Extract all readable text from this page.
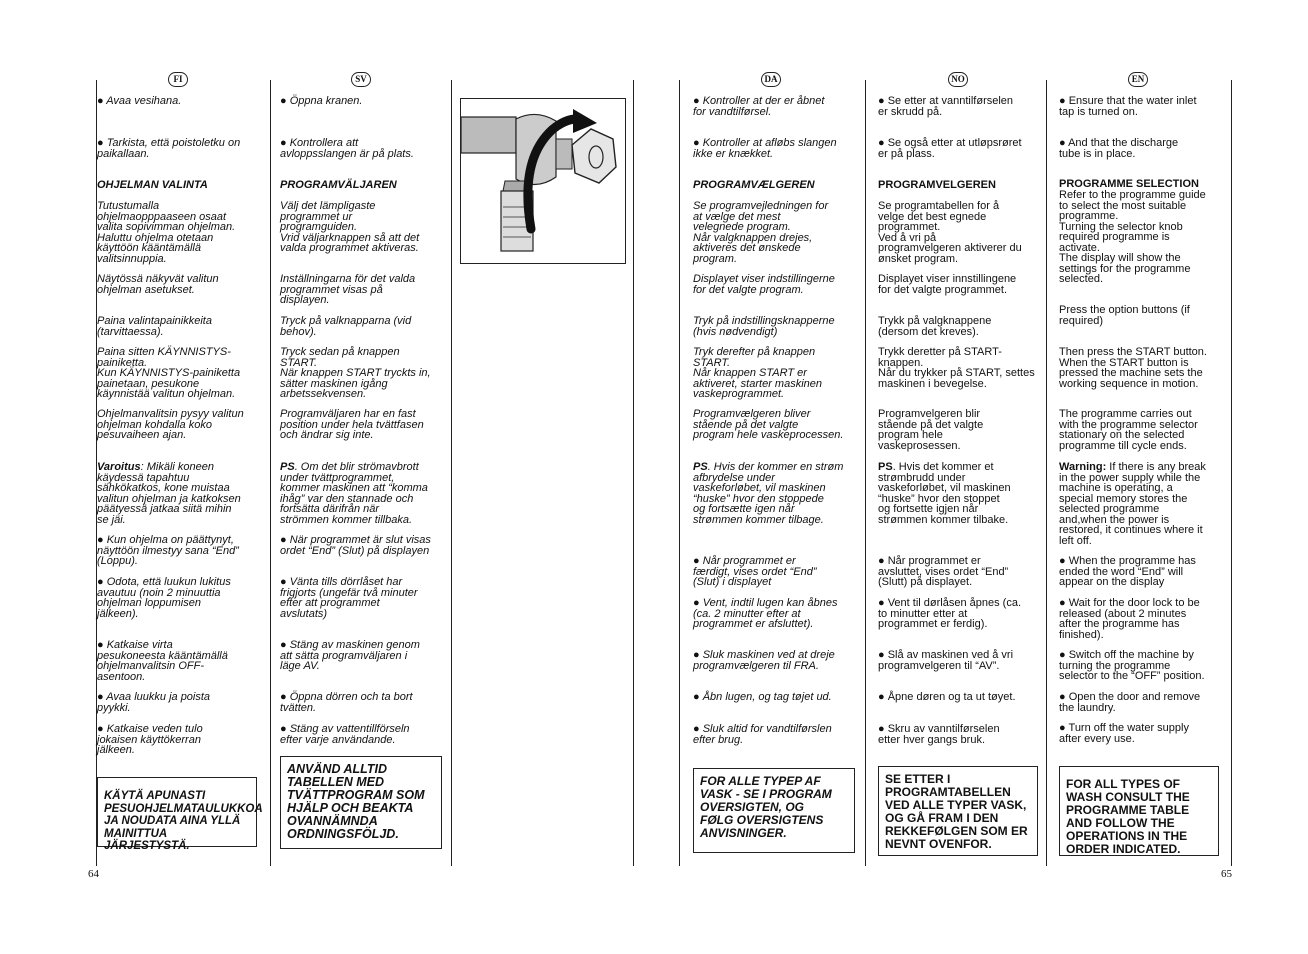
FI	SV	DA	NO	EN

● Avaa vesihana.

● Tarkista, että poistoletku on
paikallaan.

OHJELMAN VALINTA

Tutustumalla
ohjelmaopppaaseen osaat
valita sopivimman ohjelman.
Haluttu ohjelma otetaan
käyttöön kääntämällä
valitsinnuppia.

Näytössä näkyvät valitun
ohjelman asetukset.

Paina valintapainikkeita
(tarvittaessa).

Paina sitten KÄYNNISTYS-
painiketta.
Kun KÄYNNISTYS-painiketta
painetaan, pesukone
käynnistää valitun ohjelman.

Ohjelmanvalitsin pysyy valitun
ohjelman kohdalla koko
pesuvaiheen ajan.

Varoitus: Mikäli koneen
käydessä tapahtuu
sähkökatkos, kone muistaa
valitun ohjelman ja katkoksen
päätyessä jatkaa siitä mihin
se jäi.

● Kun ohjelma on päättynyt,
näyttöön ilmestyy sana “End”
(Loppu).

● Odota, että luukun lukitus
avautuu (noin 2 minuuttia
ohjelman loppumisen
jälkeen).

● Katkaise virta
pesukoneesta kääntämällä
ohjelmanvalitsin OFF-
asentoon.

● Avaa luukku ja poista
pyykki.

● Katkaise veden tulo
jokaisen käyttökerran
jälkeen.

KÄYTÄ APUNASTI
PESUOHJELMATAULUKKOA
JA NOUDATA AINA YLLÄ
MAINITTUA JÄRJESTYSTÄ.

● Öppna kranen.

● Kontrollera att
avloppsslangen är på plats.

PROGRAMVÄLJAREN

Välj det lämpligaste
programmet ur
programguiden.
Vrid väljarknappen så att det
valda programmet aktiveras.

Inställningarna för det valda
programmet visas på
displayen.

Tryck på valknapparna (vid
behov).

Tryck sedan på knappen
START.
När knappen START tryckts in,
sätter maskinen igång
arbetssekvensen.

Programväljaren har en fast
position under hela tvättfasen
och ändrar sig inte.

PS. Om det blir strömavbrott
under tvättprogrammet,
kommer maskinen att “komma
ihåg” var den stannade och
fortsätta därifrån när
strömmen kommer tillbaka.

● När programmet är slut visas
ordet “End” (Slut) på displayen

● Vänta tills dörrlåset har
frigjorts (ungefär två minuter
efter att programmet
avslutats)

● Stäng av maskinen genom
att sätta programväljaren i
läge AV.

● Öppna dörren och ta bort
tvätten.

● Stäng av vattentillförseln
efter varje användande.

ANVÄND ALLTID
TABELLEN MED
TVÄTTPROGRAM SOM
HJÄLP OCH BEAKTA
OVANNÄMNDA
ORDNINGSFÖLJD.

● Kontroller at der er åbnet
for vandtilførsel.

● Kontroller at afløbs slangen
ikke er knækket.

PROGRAMVÆLGEREN

Se programvejledningen for
at vælge det mest
velegnede program.
Når valgknappen drejes,
aktiveres det ønskede
program.

Displayet viser indstillingerne
for det valgte program.

Tryk på indstillingsknapperne
(hvis nødvendigt)

Tryk derefter på knappen
START.
Når knappen START er
aktiveret, starter maskinen
vaskeprogrammet.

Programvælgeren bliver
stående på det valgte
program hele vaskeprocessen.

PS. Hvis der kommer en strøm
afbrydelse under
vaskeforløbet, vil maskinen
“huske” hvor den stoppede
og fortsætte igen når
strømmen kommer tilbage.

● Når programmet er
færdigt, vises ordet “End”
(Slut) i displayet

● Vent, indtil lugen kan åbnes
(ca. 2 minutter efter at
programmet er afsluttet).

● Sluk maskinen ved at dreje
programvælgeren til FRA.

● Åbn lugen, og tag tøjet ud.

● Sluk altid for vandtilførslen
efter brug.

FOR ALLE TYPEP AF
VASK - SE I PROGRAM
OVERSIGTEN, OG
FØLG OVERSIGTENS
ANVISNINGER.

● Se etter at vanntilførselen
er skrudd på.

● Se også etter at utløpsrøret
er på plass.

PROGRAMVELGEREN

Se programtabellen for å
velge det best egnede
programmet.
Ved å vri på
programvelgeren aktiverer du
ønsket program.

Displayet viser innstillingene
for det valgte programmet.

Trykk på valgknappene
(dersom det kreves).

Trykk deretter på START-
knappen.
Når du trykker på START, settes
maskinen i bevegelse.

Programvelgeren blir
stående på det valgte
program hele
vaskeprosessen.

PS. Hvis det kommer et
strømbrudd under
vaskeforløbet, vil maskinen
“huske” hvor den stoppet
og fortsette igjen når
strømmen kommer tilbake.

● Når programmet er
avsluttet, vises ordet “End”
(Slutt) på displayet.

● Vent til dørlåsen åpnes (ca.
to minutter etter at
programmet er ferdig).

● Slå av maskinen ved å vri
programvelgeren til “AV”.

● Åpne døren og ta ut tøyet.

● Skru av vanntilførselen
etter hver gangs bruk.

SE ETTER I
PROGRAMTABELLEN
VED ALLE TYPER VASK,
OG GÅ FRAM I DEN
REKKEFØLGEN SOM ER
NEVNT OVENFOR.

● Ensure that the water inlet
tap is turned on.

● And that the discharge
tube is in place.

PROGRAMME SELECTION

Refer to the programme guide
to select the most suitable
programme.
Turning the selector knob
required programme is
activate.
The display will show the
settings for the programme
selected.

Press the option buttons (if
required)

Then press the START button.
When the START button is
pressed the machine sets the
working sequence in motion.

The programme carries out
with the programme selector
stationary on the selected
programme till cycle ends.

Warning: If there is any break
in the power supply while the
machine is operating, a
special memory stores the
selected programme
and,when the power is
restored, it continues where it
left off.

● When the programme has
ended the word “End” will
appear on the display

● Wait for the door lock to be
released (about 2 minutes
after the programme has
finished).

● Switch off the machine by
turning the programme
selector to the “OFF” position.

● Open the door and remove
the laundry.

● Turn off the water supply
after every use.

FOR ALL TYPES OF
WASH CONSULT THE
PROGRAMME TABLE
AND FOLLOW THE
OPERATIONS IN THE
ORDER INDICATED.
64	65
